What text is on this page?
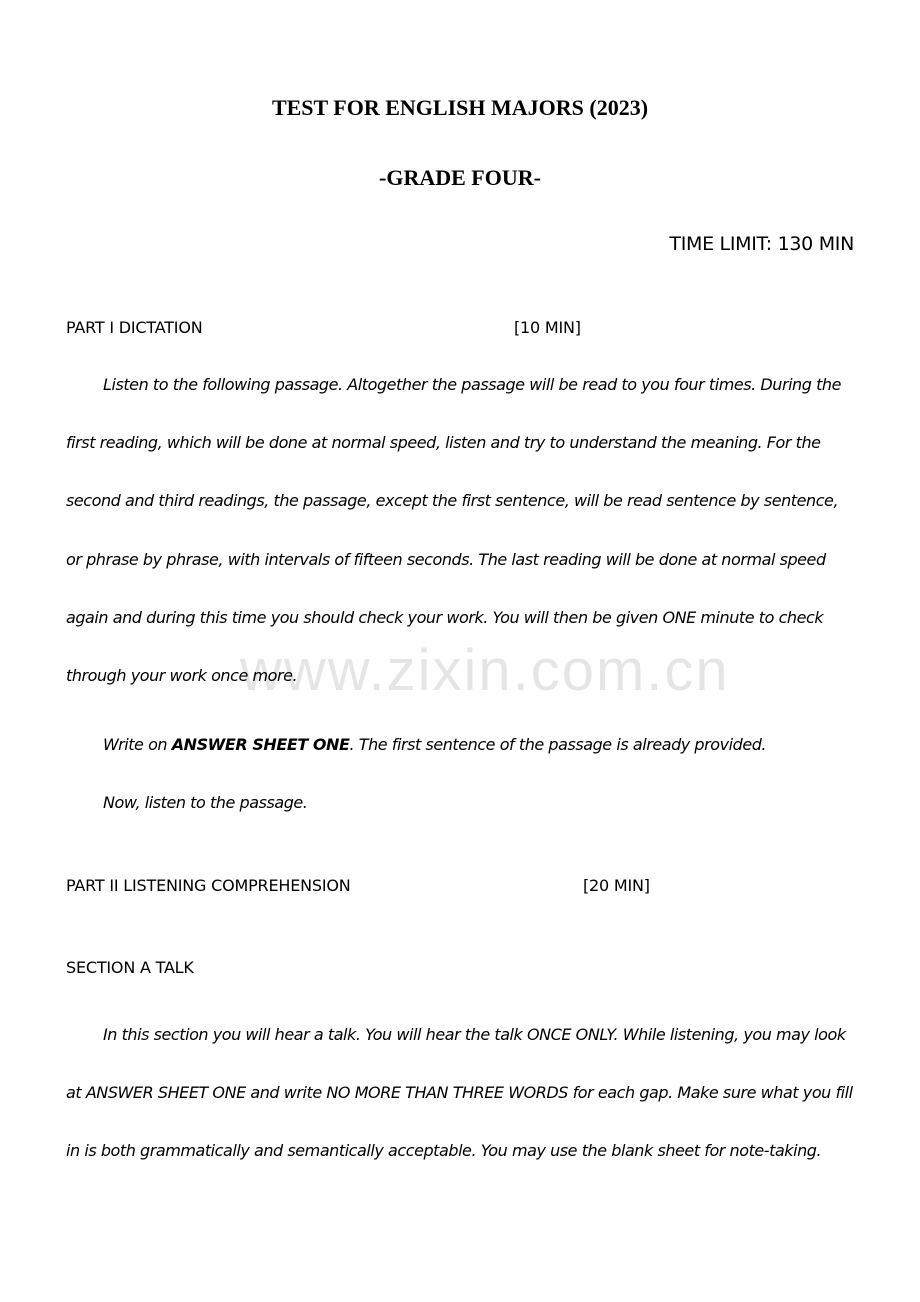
TEST FOR ENGLISH MAJORS (2023)
-GRADE FOUR-
TIME LIMIT: 130 MIN
PART I DICTATION	[10 MIN]

Listen to the following passage. Altogether the passage will be read to you four times. During the first reading, which will be done at normal speed, listen and try to understand the meaning. For the second and third readings, the passage, except the first sentence, will be read sentence by sentence, or phrase by phrase, with intervals of fifteen seconds. The last reading will be done at normal speed again and during this time you should check your work. You will then be given ONE minute to check through your work once more.

Write on ANSWER SHEET ONE. The first sentence of the passage is already provided.
Now, listen to the passage.
PART II LISTENING COMPREHENSION	[20 MIN]
SECTION A TALK

In this section you will hear a talk. You will hear the talk ONCE ONLY. While listening, you may look at ANSWER SHEET ONE and write NO MORE THAN THREE WORDS for each gap. Make sure what you fill in is both grammatically and semantically acceptable. You may use the blank sheet for note-taking.

www.zixin.com.cn
